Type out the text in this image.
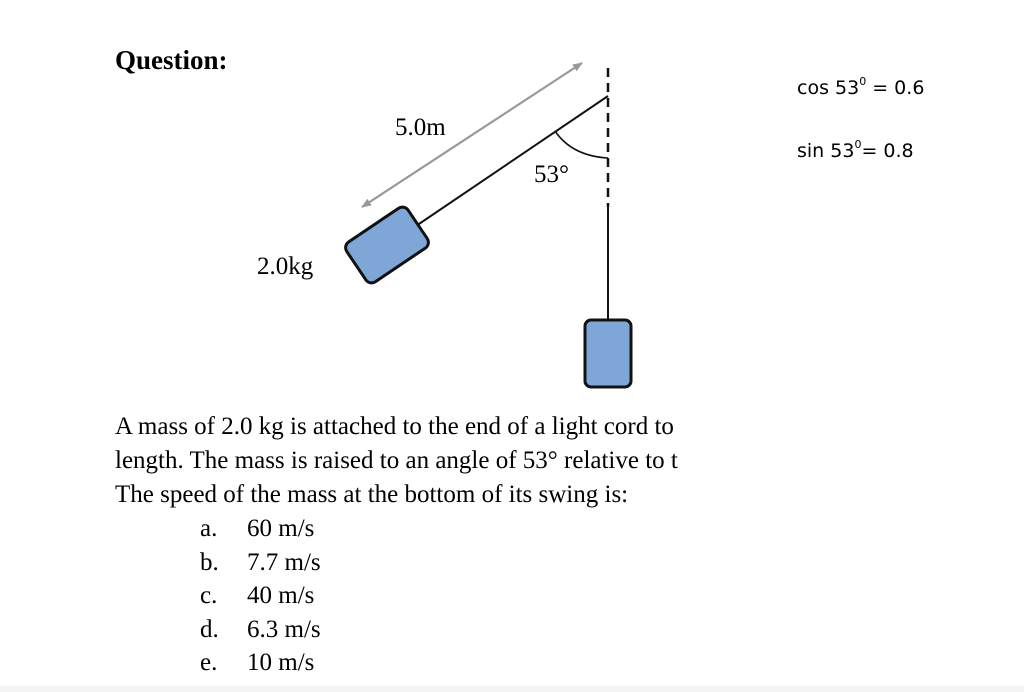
Question:
$\cos 53^0 = 0.6$
$\sin 53^0= 0.8$
5.0m
53°
2.0kg

A mass of 2.0 kg is attached to the end of a light cord to
length. The mass is raised to an angle of 53° relative to t
The speed of the mass at the bottom of its swing is:

a.	60 m/s
b.	7.7 m/s
c.	40 m/s
d.	6.3 m/s
e.	10 m/s
